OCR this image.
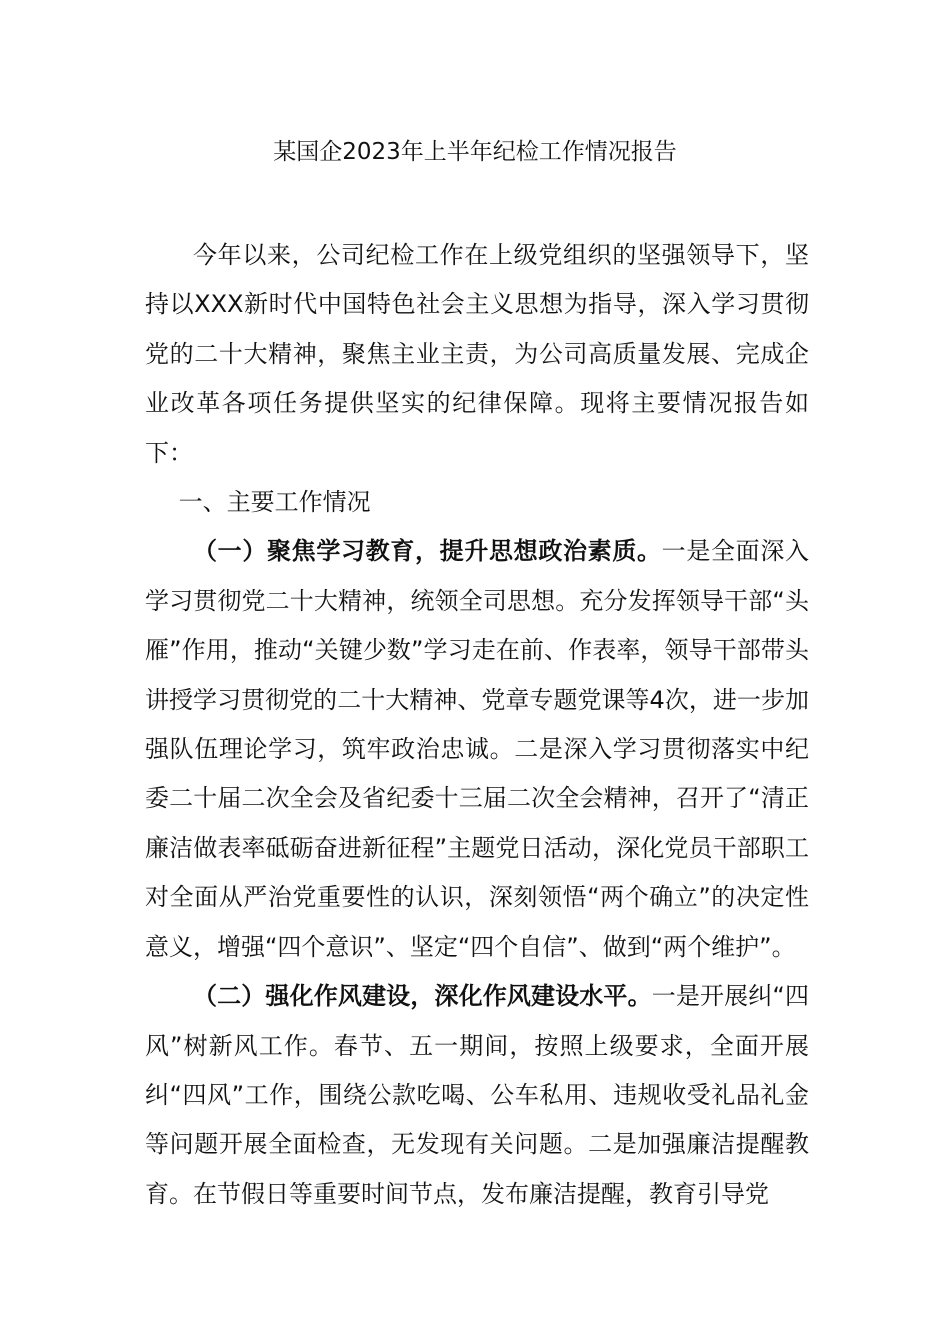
某国企2023年上半年纪检工作情况报告

今年以来，公司纪检工作在上级党组织的坚强领导下，坚持以XXX新时代中国特色社会主义思想为指导，深入学习贯彻党的二十大精神，聚焦主业主责，为公司高质量发展、完成企业改革各项任务提供坚实的纪律保障。现将主要情况报告如下：

一、主要工作情况

（一）聚焦学习教育，提升思想政治素质。一是全面深入学习贯彻党二十大精神，统领全司思想。充分发挥领导干部“头雁”作用，推动“关键少数”学习走在前、作表率，领导干部带头讲授学习贯彻党的二十大精神、党章专题党课等4次，进一步加强队伍理论学习，筑牢政治忠诚。二是深入学习贯彻落实中纪委二十届二次全会及省纪委十三届二次全会精神，召开了“清正廉洁做表率砥砺奋进新征程”主题党日活动，深化党员干部职工对全面从严治党重要性的认识，深刻领悟“两个确立”的决定性意义，增强“四个意识”、坚定“四个自信”、做到“两个维护”。

（二）强化作风建设，深化作风建设水平。一是开展纠“四风”树新风工作。春节、五一期间，按照上级要求，全面开展纠“四风”工作，围绕公款吃喝、公车私用、违规收受礼品礼金等问题开展全面检查，无发现有关问题。二是加强廉洁提醒教育。在节假日等重要时间节点，发布廉洁提醒，教育引导党
